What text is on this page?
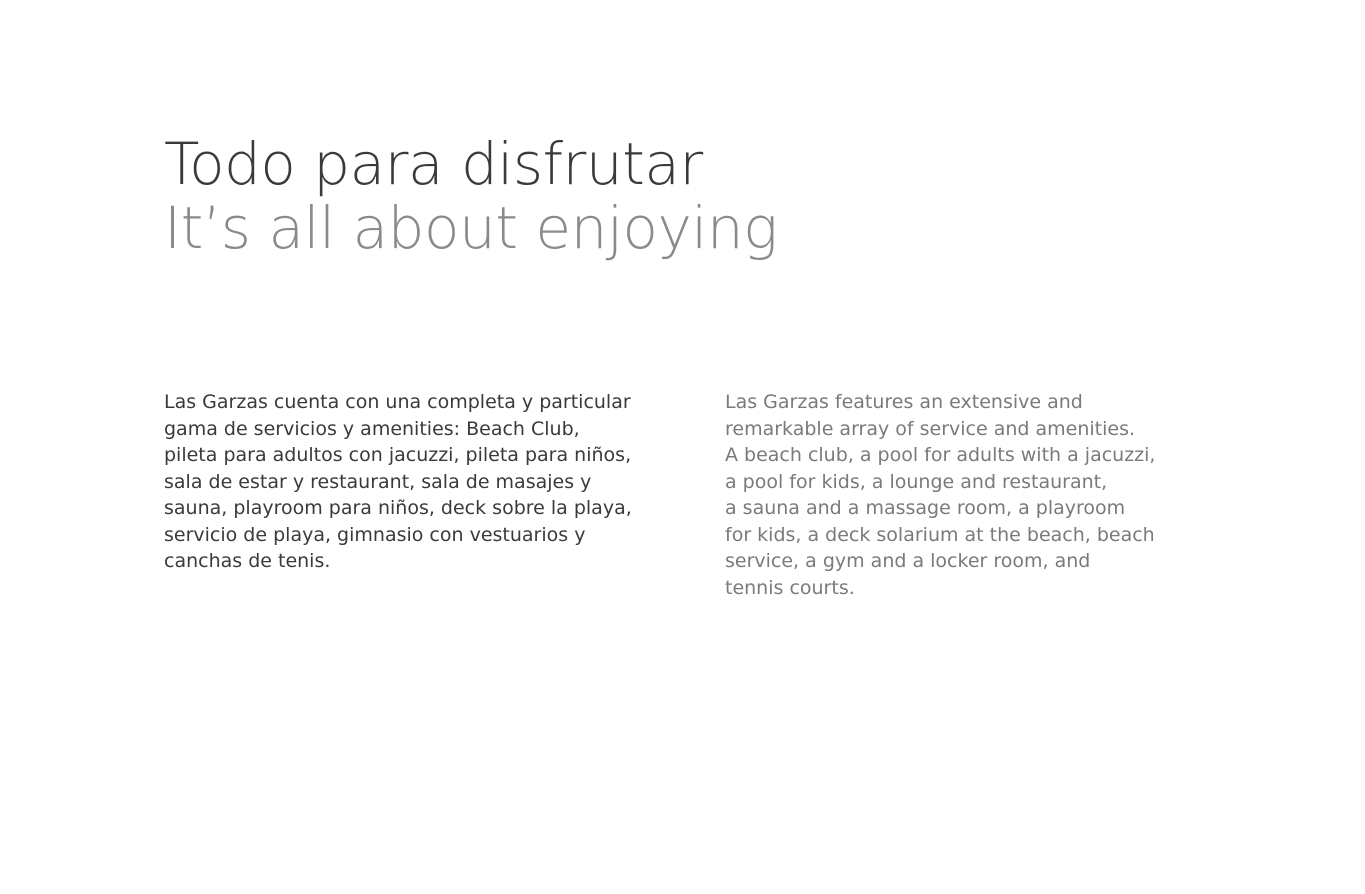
Todo para disfrutar
It’s all about enjoying

Las Garzas cuenta con una completa y particular
gama de servicios y amenities: Beach Club,
pileta para adultos con jacuzzi, pileta para niños,
sala de estar y restaurant, sala de masajes y
sauna, playroom para niños, deck sobre la playa,
servicio de playa, gimnasio con vestuarios y
canchas de tenis.

Las Garzas features an extensive and
remarkable array of service and amenities.
A beach club, a pool for adults with a jacuzzi,
a pool for kids, a lounge and restaurant,
a sauna and a massage room, a playroom
for kids, a deck solarium at the beach, beach
service, a gym and a locker room, and
tennis courts.
